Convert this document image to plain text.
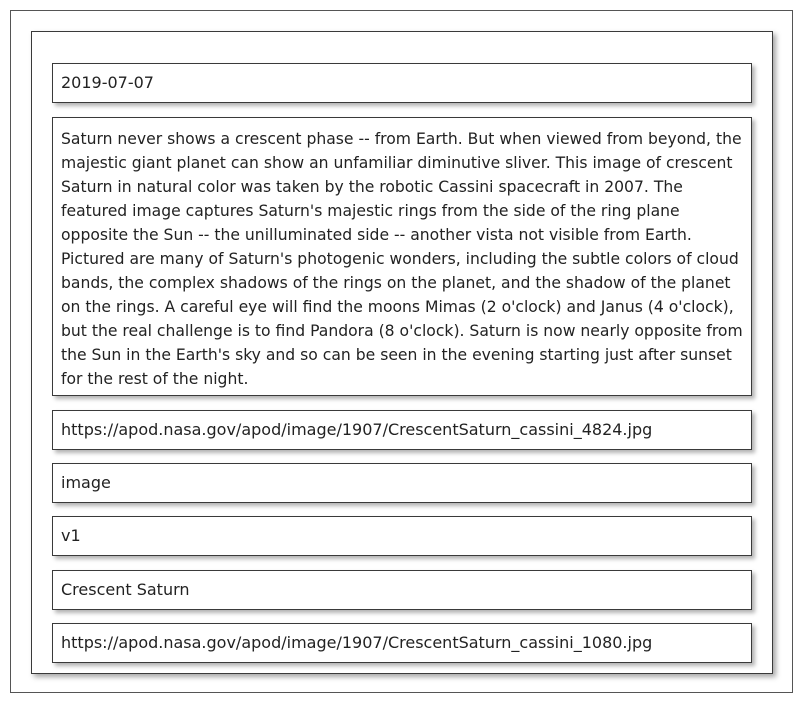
2019-07-07
Saturn never shows a crescent phase -- from Earth. But when viewed from beyond, the majestic giant planet can show an unfamiliar diminutive sliver. This image of crescent Saturn in natural color was taken by the robotic Cassini spacecraft in 2007. The featured image captures Saturn's majestic rings from the side of the ring plane opposite the Sun -- the unilluminated side -- another vista not visible from Earth. Pictured are many of Saturn's photogenic wonders, including the subtle colors of cloud bands, the complex shadows of the rings on the planet, and the shadow of the planet on the rings. A careful eye will find the moons Mimas (2 o'clock) and Janus (4 o'clock), but the real challenge is to find Pandora (8 o'clock). Saturn is now nearly opposite from the Sun in the Earth's sky and so can be seen in the evening starting just after sunset for the rest of the night.
https://apod.nasa.gov/apod/image/1907/CrescentSaturn_cassini_4824.jpg
image
v1
Crescent Saturn
https://apod.nasa.gov/apod/image/1907/CrescentSaturn_cassini_1080.jpg
